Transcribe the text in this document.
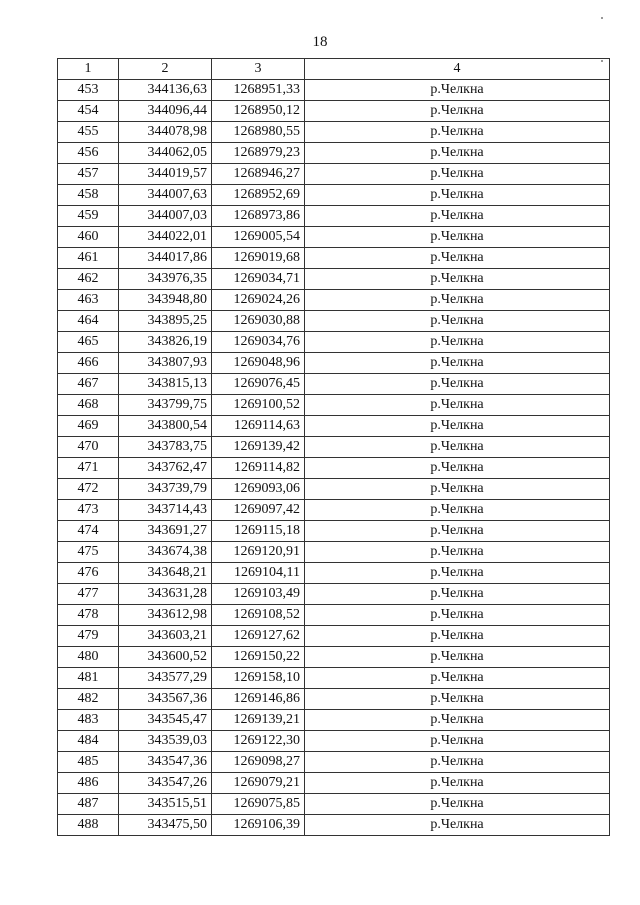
18
1	2	3	4
453	344136,63	1268951,33	р.Челкна
454	344096,44	1268950,12	р.Челкна
455	344078,98	1268980,55	р.Челкна
456	344062,05	1268979,23	р.Челкна
457	344019,57	1268946,27	р.Челкна
458	344007,63	1268952,69	р.Челкна
459	344007,03	1268973,86	р.Челкна
460	344022,01	1269005,54	р.Челкна
461	344017,86	1269019,68	р.Челкна
462	343976,35	1269034,71	р.Челкна
463	343948,80	1269024,26	р.Челкна
464	343895,25	1269030,88	р.Челкна
465	343826,19	1269034,76	р.Челкна
466	343807,93	1269048,96	р.Челкна
467	343815,13	1269076,45	р.Челкна
468	343799,75	1269100,52	р.Челкна
469	343800,54	1269114,63	р.Челкна
470	343783,75	1269139,42	р.Челкна
471	343762,47	1269114,82	р.Челкна
472	343739,79	1269093,06	р.Челкна
473	343714,43	1269097,42	р.Челкна
474	343691,27	1269115,18	р.Челкна
475	343674,38	1269120,91	р.Челкна
476	343648,21	1269104,11	р.Челкна
477	343631,28	1269103,49	р.Челкна
478	343612,98	1269108,52	р.Челкна
479	343603,21	1269127,62	р.Челкна
480	343600,52	1269150,22	р.Челкна
481	343577,29	1269158,10	р.Челкна
482	343567,36	1269146,86	р.Челкна
483	343545,47	1269139,21	р.Челкна
484	343539,03	1269122,30	р.Челкна
485	343547,36	1269098,27	р.Челкна
486	343547,26	1269079,21	р.Челкна
487	343515,51	1269075,85	р.Челкна
488	343475,50	1269106,39	р.Челкна
